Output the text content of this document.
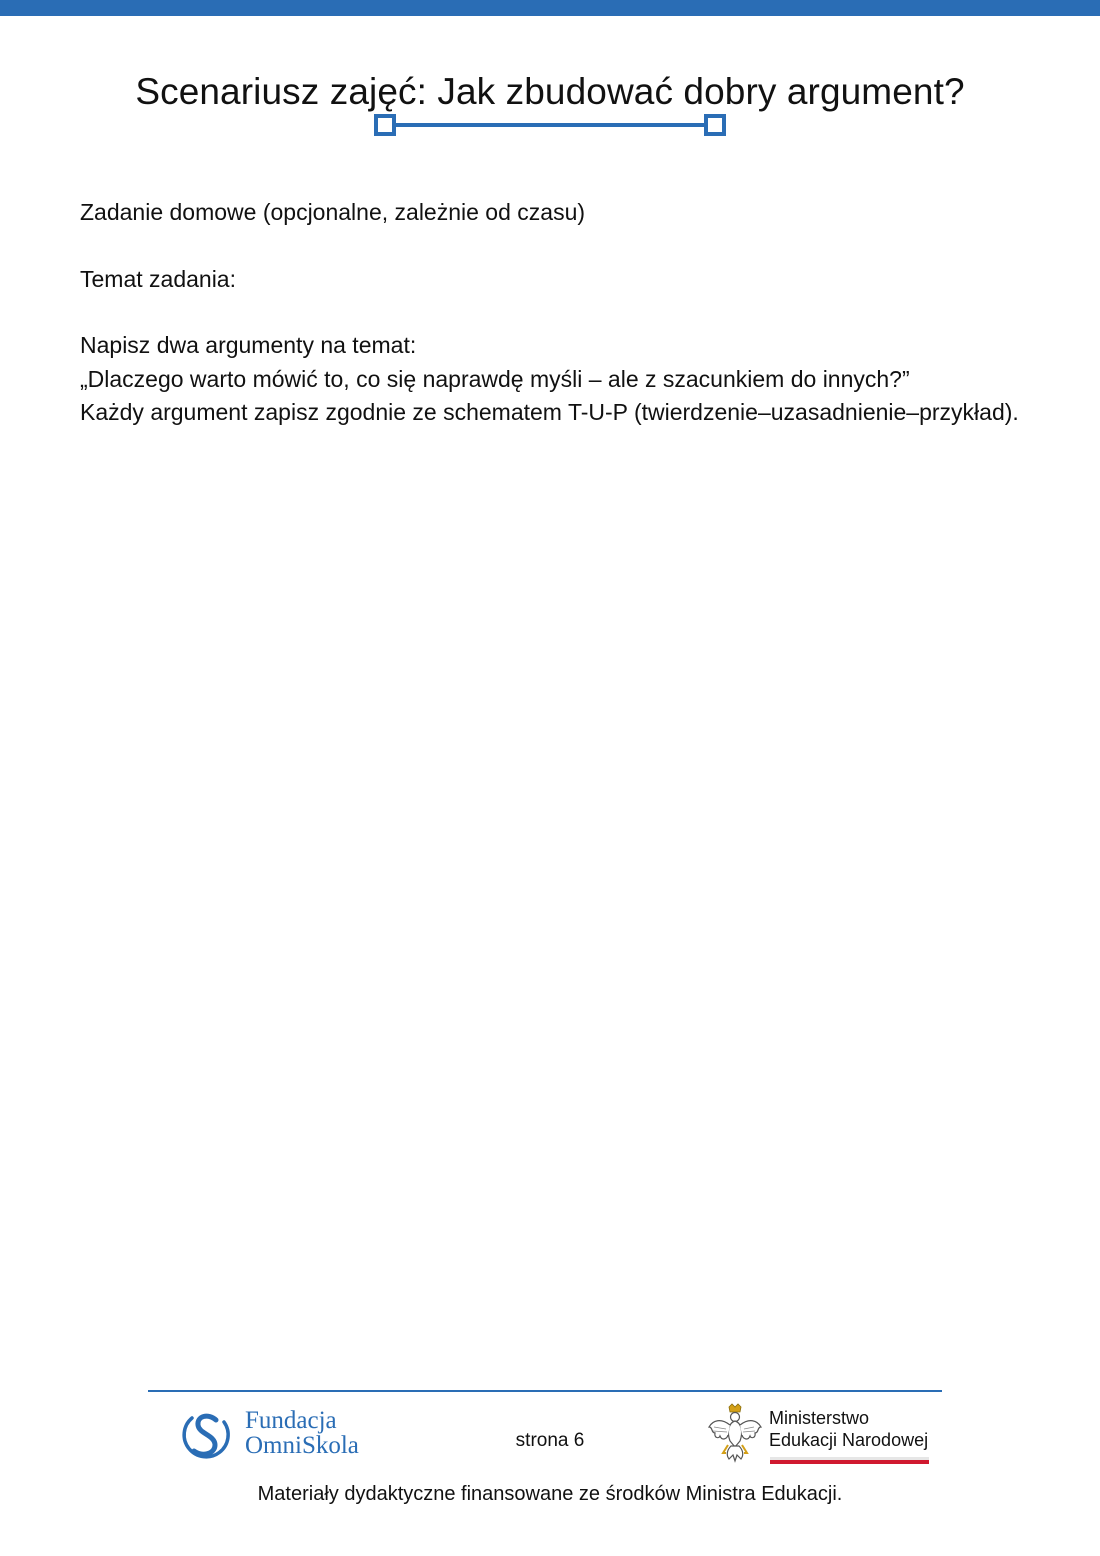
Scenariusz zajęć: Jak zbudować dobry argument?

Zadanie domowe (opcjonalne, zależnie od czasu)

Temat zadania:

Napisz dwa argumenty na temat:

„Dlaczego warto mówić to, co się naprawdę myśli – ale z szacunkiem do innych?”

Każdy argument zapisz zgodnie ze schematem T-U-P (twierdzenie–uzasadnienie–przykład).

Fundacja
OmniSkola	strona 6
Ministerstwo
Edukacji Narodowej
Materiały dydaktyczne finansowane ze środków Ministra Edukacji.
